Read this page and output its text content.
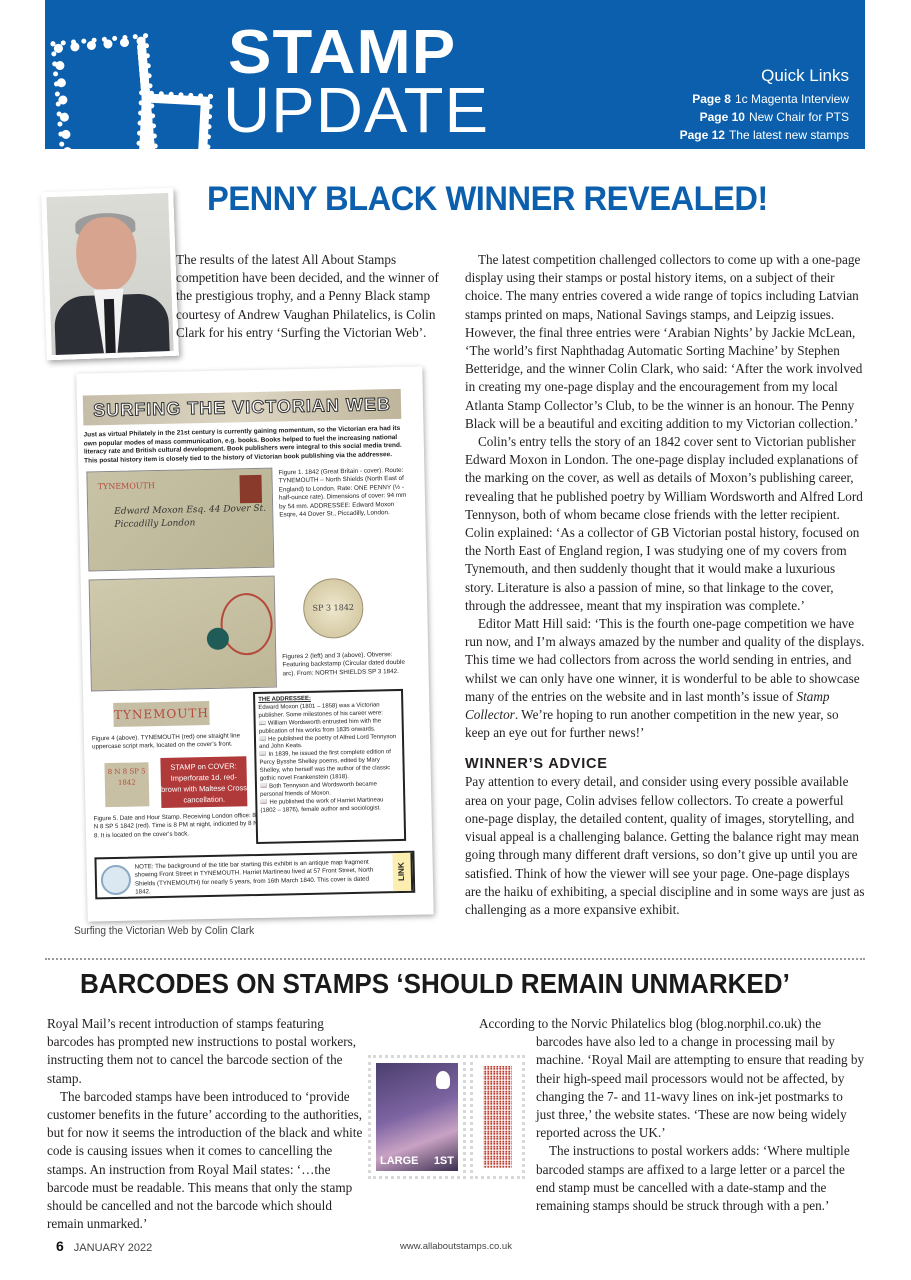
STAMP
UPDATE	Quick Links
Page 8 1c Magenta Interview
Page 10 New Chair for PTS
Page 12 The latest new stamps
PENNY BLACK WINNER REVEALED!

The results of the latest All About Stamps competition have been decided, and the winner of the prestigious trophy, and a Penny Black stamp courtesy of Andrew Vaughan Philatelics, is Colin Clark for his entry ‘Surfing the Victorian Web’.

The latest competition challenged collectors to come up with a one-page display using their stamps or postal history items, on a subject of their choice. The many entries covered a wide range of topics including Latvian stamps printed on maps, National Savings stamps, and Leipzig issues. However, the final three entries were ‘Arabian Nights’ by Jackie McLean, ‘The world’s first Naphthadag Automatic Sorting Machine’ by Stephen Betteridge, and the winner Colin Clark, who said: ‘After the work involved in creating my one-page display and the encouragement from my local Atlanta Stamp Collector’s Club, to be the winner is an honour. The Penny Black will be a beautiful and exciting addition to my Victorian collection.’

Colin’s entry tells the story of an 1842 cover sent to Victorian publisher Edward Moxon in London. The one-page display included explanations of the marking on the cover, as well as details of Moxon’s publishing career, revealing that he published poetry by William Wordsworth and Alfred Lord Tennyson, both of whom became close friends with the letter recipient. Colin explained: ‘As a collector of GB Victorian postal history, focused on the North East of England region, I was studying one of my covers from Tynemouth, and then suddenly thought that it would make a luxurious story. Literature is also a passion of mine, so that linkage to the cover, through the addressee, meant that my inspiration was complete.’

Editor Matt Hill said: ‘This is the fourth one-page competition we have run now, and I’m always amazed by the number and quality of the displays. This time we had collectors from across the world sending in entries, and whilst we can only have one winner, it is wonderful to be able to showcase many of the entries on the website and in last month’s issue of Stamp Collector. We’re hoping to run another competition in the new year, so keep an eye out for further news!’

WINNER’S ADVICE

Pay attention to every detail, and consider using every possible available area on your page, Colin advises fellow collectors. To create a powerful one-page display, the detailed content, quality of images, storytelling, and visual appeal is a challenging balance. Getting the balance right may mean going through many different draft versions, so don’t give up until you are satisfied. Think of how the viewer will see your page. One-page displays are the haiku of exhibiting, a special discipline and in some ways are just as challenging as a more expansive exhibit.

SURFING THE VICTORIAN WEB
Just as virtual Philately in the 21st century is currently gaining momentum, so the Victorian era had its own popular modes of mass communication, e.g. books. Books helped to fuel the increasing national literacy rate and British cultural development. Book publishers were integral to this social media trend. This postal history item is closely tied to the history of Victorian book publishing via the addressee.
TYNEMOUTH
Edward Moxon Esq. 44 Dover St. Piccadilly London
Figure 1. 1842 (Great Britain - cover). Route: TYNEMOUTH – North Shields (North East of England) to London. Rate: ONE PENNY (½ - half-ounce rate). Dimensions of cover: 94 mm by 54 mm. ADDRESSEE: Edward Moxon Esqre, 44 Dover St., Piccadilly, London.
SP 3 1842
Figures 2 (left) and 3 (above). Obverse: Featuring backstamp (Circular dated double arc). From: NORTH SHIELDS SP 3 1842.
TYNEMOUTH
Figure 4 (above). TYNEMOUTH (red) one straight line uppercase script mark, located on the cover’s front.
THE ADDRESSEE:
Edward Moxon (1801 – 1858) was a Victorian publisher. Some milestones of his career were:
📖 William Wordsworth entrusted him with the publication of his works from 1835 onwards.
📖 He published the poetry of Alfred Lord Tennyson and John Keats.
📖 In 1839, he issued the first complete edition of Percy Bysshe Shelley poems, edited by Mary Shelley, who herself was the author of the classic gothic novel Frankenstein (1818).
📖 Both Tennyson and Wordsworth became personal friends of Moxon.
📖 He published the work of Harriet Martineau (1802 – 1876), female author and sociologist.
8 N 8 SP 5 1842
STAMP on COVER: Imperforate 1d. red-brown with Maltese Cross cancellation.
Figure 5. Date and Hour Stamp. Receiving London office: 8 N 8 SP 5 1842 (red). Time is 8 PM at night, indicated by 8 N 8. It is located on the cover’s back.
NOTE: The background of the title bar starting this exhibit is an antique map fragment showing Front Street in TYNEMOUTH. Harriet Martineau lived at 57 Front Street, North Shields (TYNEMOUTH) for nearly 5 years, from 16th March 1840. This cover is dated 1842.
LINK
Surfing the Victorian Web by Colin Clark
BARCODES ON STAMPS ‘SHOULD REMAIN UNMARKED’

Royal Mail’s recent introduction of stamps featuring barcodes has prompted new instructions to postal workers, instructing them not to cancel the barcode section of the stamp.

The barcoded stamps have been introduced to ‘provide customer benefits in the future’ according to the authorities, but for now it seems the introduction of the black and white code is causing issues when it comes to cancelling the stamps. An instruction from Royal Mail states: ‘…the barcode must be readable. This means that only the stamp should be cancelled and not the barcode which should remain unmarked.’

LARGE 1ST

According to the Norvic Philatelics blog (blog.norphil.co.uk) the

barcodes have also led to a change in processing mail by machine. ‘Royal Mail are attempting to ensure that reading by their high-speed mail processors would not be affected, by changing the 7- and 11-wavy lines on ink-jet postmarks to just three,’ the website states. ‘These are now being widely reported across the UK.’

The instructions to postal workers adds: ‘Where multiple barcoded stamps are affixed to a large letter or a parcel the end stamp must be cancelled with a date-stamp and the remaining stamps should be struck through with a pen.’

6 JANUARY 2022	www.allaboutstamps.co.uk
